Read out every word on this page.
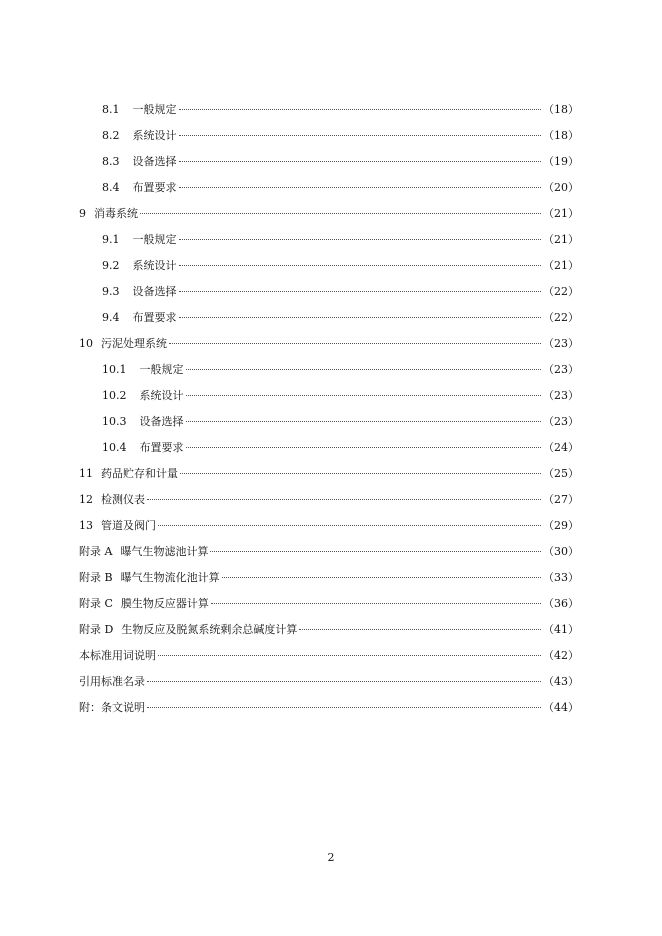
8.1 一般规定	（18）
8.2 系统设计	（18）
8.3 设备选择	（19）
8.4 布置要求	（20）
9 消毒系统	（21）
9.1 一般规定	（21）
9.2 系统设计	（21）
9.3 设备选择	（22）
9.4 布置要求	（22）
10 污泥处理系统	（23）
10.1 一般规定	（23）
10.2 系统设计	（23）
10.3 设备选择	（23）
10.4 布置要求	（24）
11 药品贮存和计量	（25）
12 检测仪表	（27）
13 管道及阀门	（29）
附录 A 曝气生物滤池计算	（30）
附录 B 曝气生物流化池计算	（33）
附录 C 膜生物反应器计算	（36）
附录 D 生物反应及脱氮系统剩余总碱度计算	（41）
本标准用词说明	（42）
引用标准名录	（43）
附：条文说明	（44）
2
